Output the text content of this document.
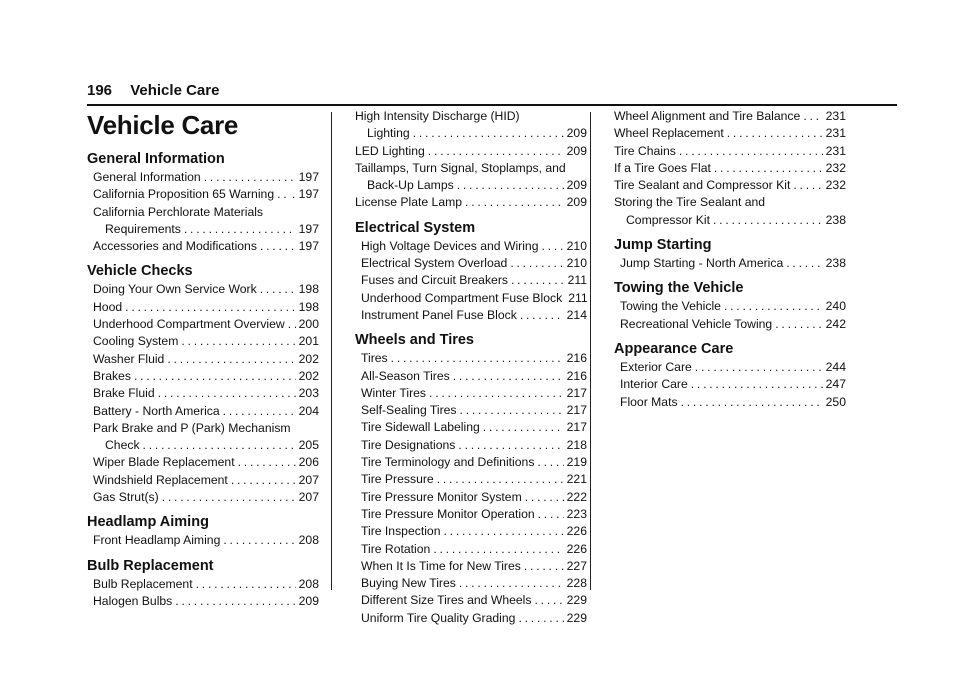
196 Vehicle Care
Vehicle Care
General Information
General Information . . .	197
California Proposition 65 Warning . . . . 197
California Perchlorate Materials
Requirements . . .	197
Accessories and Modifications . . .	197
Vehicle Checks
Doing Your Own Service Work . . .	198
Hood . . .	198
Underhood Compartment Overview . . . 200
Cooling System . . .	201
Washer Fluid . . .	202
Brakes . . .	202
Brake Fluid . . .	203
Battery - North America . . .	204
Park Brake and P (Park) Mechanism
Check . . .	205
Wiper Blade Replacement . . .	206
Windshield Replacement . . .	207
Gas Strut(s) . . .	207
Headlamp Aiming
Front Headlamp Aiming . . .	208
Bulb Replacement
Bulb Replacement . . .	208
Halogen Bulbs . . .	209
High Intensity Discharge (HID)
Lighting . . .	209
LED Lighting . . .	209
Taillamps, Turn Signal, Stoplamps, and
Back-Up Lamps . . .	209
License Plate Lamp . . .	209
Electrical System
High Voltage Devices and Wiring . . . 210
Electrical System Overload . . .	210
Fuses and Circuit Breakers . . .	211
Underhood Compartment Fuse Block 211
Instrument Panel Fuse Block . . .	214
Wheels and Tires
Tires . . .	216
All-Season Tires . . .	216
Winter Tires . . .	217
Self-Sealing Tires . . .	217
Tire Sidewall Labeling . . .	217
Tire Designations . . .	218
Tire Terminology and Definitions . . .	219
Tire Pressure . . .	221
Tire Pressure Monitor System . . .	222
Tire Pressure Monitor Operation . . .	223
Tire Inspection . . .	226
Tire Rotation . . .	226
When It Is Time for New Tires . . .	227
Buying New Tires . . .	228
Different Size Tires and Wheels . . .	229
Uniform Tire Quality Grading . . .	229
Wheel Alignment and Tire Balance . . . 231
Wheel Replacement . . .	231
Tire Chains . . .	231
If a Tire Goes Flat . . .	232
Tire Sealant and Compressor Kit . . .	232
Storing the Tire Sealant and
Compressor Kit . . .	238
Jump Starting
Jump Starting - North America . . .	238
Towing the Vehicle
Towing the Vehicle . . .	240
Recreational Vehicle Towing . . .	242
Appearance Care
Exterior Care . . .	244
Interior Care . . .	247
Floor Mats . . .	250
